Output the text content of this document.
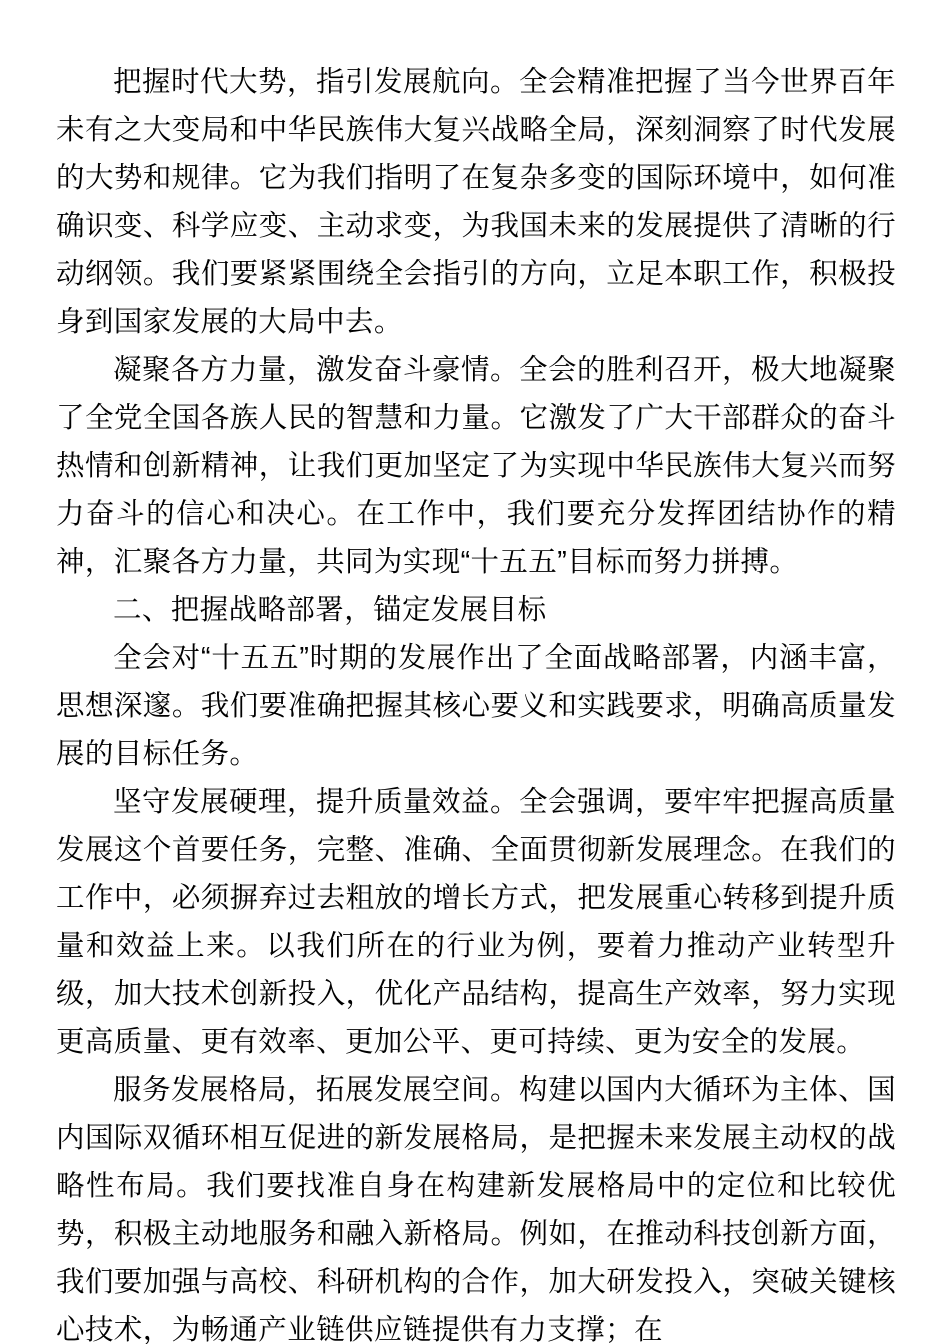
把握时代大势，指引发展航向。全会精准把握了当今世界百年未有之大变局和中华民族伟大复兴战略全局，深刻洞察了时代发展的大势和规律。它为我们指明了在复杂多变的国际环境中，如何准确识变、科学应变、主动求变，为我国未来的发展提供了清晰的行动纲领。我们要紧紧围绕全会指引的方向，立足本职工作，积极投身到国家发展的大局中去。

凝聚各方力量，激发奋斗豪情。全会的胜利召开，极大地凝聚了全党全国各族人民的智慧和力量。它激发了广大干部群众的奋斗热情和创新精神，让我们更加坚定了为实现中华民族伟大复兴而努力奋斗的信心和决心。在工作中，我们要充分发挥团结协作的精神，汇聚各方力量，共同为实现“十五五”目标而努力拼搏。

二、把握战略部署，锚定发展目标

全会对“十五五”时期的发展作出了全面战略部署，内涵丰富，思想深邃。我们要准确把握其核心要义和实践要求，明确高质量发展的目标任务。

坚守发展硬理，提升质量效益。全会强调，要牢牢把握高质量发展这个首要任务，完整、准确、全面贯彻新发展理念。在我们的工作中，必须摒弃过去粗放的增长方式，把发展重心转移到提升质量和效益上来。以我们所在的行业为例，要着力推动产业转型升级，加大技术创新投入，优化产品结构，提高生产效率，努力实现更高质量、更有效率、更加公平、更可持续、更为安全的发展。

服务发展格局，拓展发展空间。构建以国内大循环为主体、国内国际双循环相互促进的新发展格局，是把握未来发展主动权的战略性布局。我们要找准自身在构建新发展格局中的定位和比较优势，积极主动地服务和融入新格局。例如，在推动科技创新方面，我们要加强与高校、科研机构的合作，加大研发投入，突破关键核心技术，为畅通产业链供应链提供有力支撑；在
